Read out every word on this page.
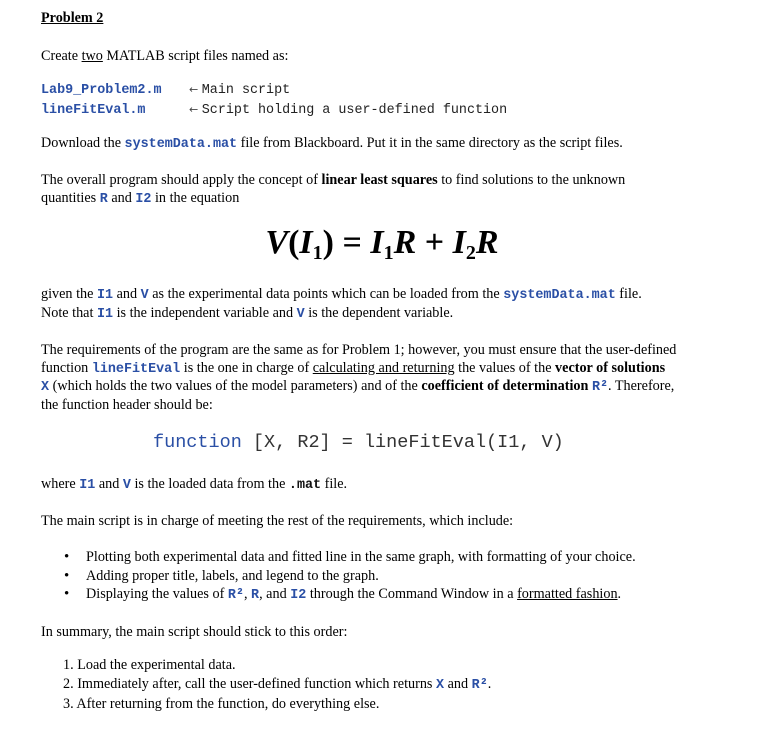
Problem 2
Create two MATLAB script files named as:
Lab9_Problem2.m ← Main script
lineFitEval.m	← Script holding a user-defined function
Download the systemData.mat file from Blackboard. Put it in the same directory as the script files.
The overall program should apply the concept of linear least squares to find solutions to the unknown
quantities R and I2 in the equation
$V(I_1) = I_1R + I_2R$
given the I1 and V as the experimental data points which can be loaded from the systemData.mat file.
Note that I1 is the independent variable and V is the dependent variable.
The requirements of the program are the same as for Problem 1; however, you must ensure that the user-defined
function lineFitEval is the one in charge of calculating and returning the values of the vector of solutions
X (which holds the two values of the model parameters) and of the coefficient of determination R². Therefore,
the function header should be:
function [X, R2] = lineFitEval(I1, V)
where I1 and V is the loaded data from the .mat file.
The main script is in charge of meeting the rest of the requirements, which include:
• Plotting both experimental data and fitted line in the same graph, with formatting of your choice.
• Adding proper title, labels, and legend to the graph.
• Displaying the values of R², R, and I2 through the Command Window in a formatted fashion.
In summary, the main script should stick to this order:
1. Load the experimental data.
2. Immediately after, call the user-defined function which returns X and R².
3. After returning from the function, do everything else.
